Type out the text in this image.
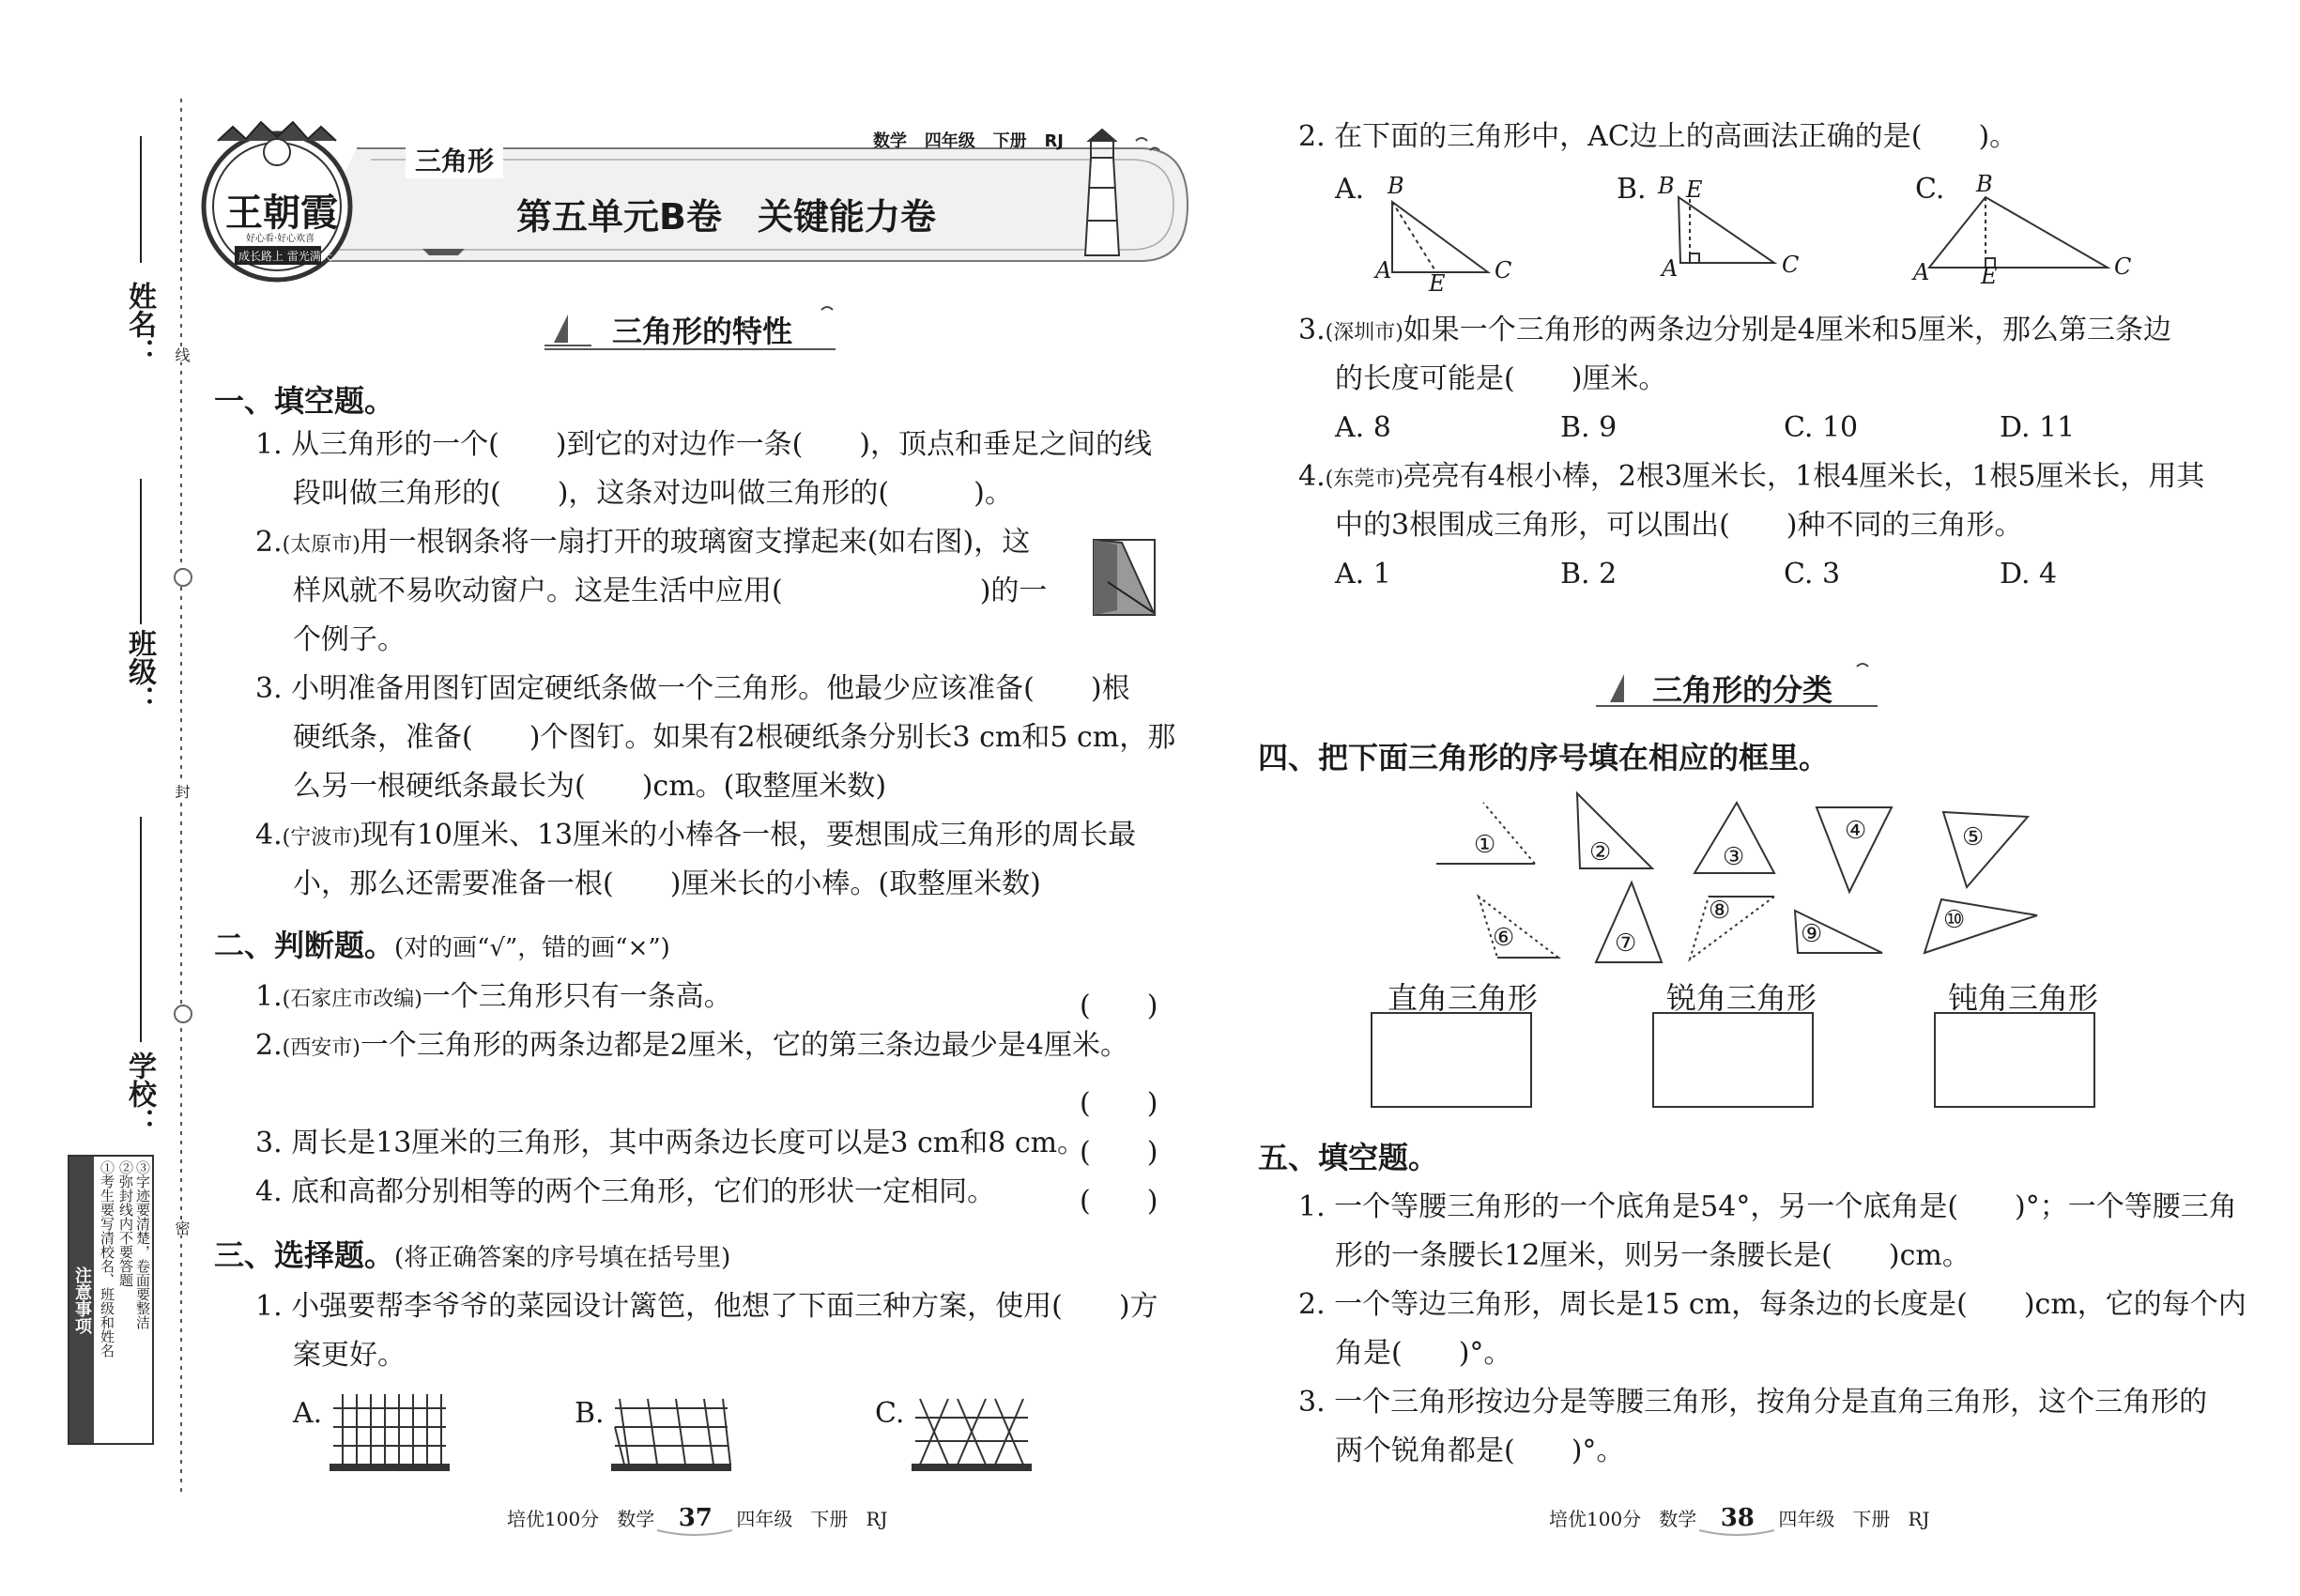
姓名：
班级：
学校：
线
封
密
注意事项 ①考生要写清校名、班级和姓名 ②弥封线内不要答题 ③字迹要清楚，卷面要整洁
王朝霞
好心看·好心欢喜
成长路上 雷光满天
三角形
数学 四年级 下册 RJ
第五单元B卷　关键能力卷
三角形的特性
一、填空题。
1. 从三角形的一个(　　)到它的对边作一条(　　)，顶点和垂足之间的线
段叫做三角形的(　　)，这条对边叫做三角形的(　　　)。
2.(太原市)用一根钢条将一扇打开的玻璃窗支撑起来(如右图)，这
样风就不易吹动窗户。这是生活中应用(　　　　　　　)的一
个例子。
3. 小明准备用图钉固定硬纸条做一个三角形。他最少应该准备(　　)根
硬纸条，准备(　　)个图钉。如果有2根硬纸条分别长3 cm和5 cm，那
么另一根硬纸条最长为(　　)cm。(取整厘米数)
4.(宁波市)现有10厘米、13厘米的小棒各一根，要想围成三角形的周长最
小，那么还需要准备一根(　　)厘米长的小棒。(取整厘米数)
二、判断题。(对的画“√”，错的画“×”)
1.(石家庄市改编)一个三角形只有一条高。	(　　)
2.(西安市)一个三角形的两条边都是2厘米，它的第三条边最少是4厘米。
(　　)
3. 周长是13厘米的三角形，其中两条边长度可以是3 cm和8 cm。
(　　)
4. 底和高都分别相等的两个三角形，它们的形状一定相同。	(　　)
三、选择题。(将正确答案的序号填在括号里)
1. 小强要帮李爷爷的菜园设计篱笆，他想了下面三种方案，使用(　　)方
案更好。
A.	B.	C.
2. 在下面的三角形中，AC边上的高画法正确的是(　　)。
A.	B.	C.
B
A E C
B E
A	C
B
A E	C
3.(深圳市)如果一个三角形的两条边分别是4厘米和5厘米，那么第三条边
的长度可能是(　　)厘米。
A. 8	B. 9	C. 10	D. 11
4.(东莞市)亮亮有4根小棒，2根3厘米长，1根4厘米长，1根5厘米长，用其
中的3根围成三角形，可以围出(　　)种不同的三角形。
A. 1	B. 2	C. 3	D. 4
三角形的分类
四、把下面三角形的序号填在相应的框里。
①	②	③
④	⑤
⑥	⑦
⑧
⑨	⑩
直角三角形	锐角三角形	钝角三角形
五、填空题。
1. 一个等腰三角形的一个底角是54°，另一个底角是(　　)°；一个等腰三角
形的一条腰长12厘米，则另一条腰长是(　　)cm。
2. 一个等边三角形，周长是15 cm，每条边的长度是(　　)cm，它的每个内
角是(　　)°。
3. 一个三角形按边分是等腰三角形，按角分是直角三角形，这个三角形的
两个锐角都是(　　)°。
培优100分 数学 37 四年级 下册 RJ	培优100分 数学 38 四年级 下册 RJ
